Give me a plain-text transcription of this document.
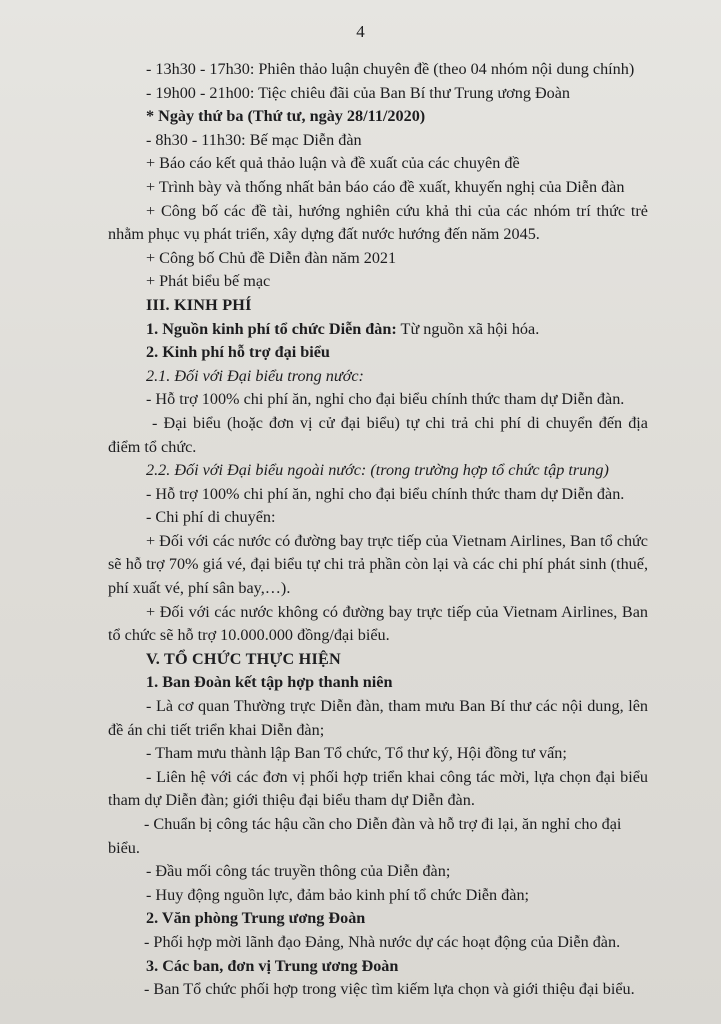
4

- 13h30 - 17h30: Phiên thảo luận chuyên đề (theo 04 nhóm nội dung chính)

- 19h00 - 21h00: Tiệc chiêu đãi của Ban Bí thư Trung ương Đoàn

* Ngày thứ ba (Thứ tư, ngày 28/11/2020)

- 8h30 - 11h30: Bế mạc Diễn đàn

+ Báo cáo kết quả thảo luận và đề xuất của các chuyên đề

+ Trình bày và thống nhất bản báo cáo đề xuất, khuyến nghị của Diễn đàn

+ Công bố các đề tài, hướng nghiên cứu khả thi của các nhóm trí thức trẻ nhằm phục vụ phát triển, xây dựng đất nước hướng đến năm 2045.

+ Công bố Chủ đề Diễn đàn năm 2021

+ Phát biểu bế mạc

III. KINH PHÍ

1. Nguồn kinh phí tổ chức Diễn đàn: Từ nguồn xã hội hóa.

2. Kinh phí hỗ trợ đại biểu

2.1. Đối với Đại biểu trong nước:

- Hỗ trợ 100% chi phí ăn, nghỉ cho đại biểu chính thức tham dự Diễn đàn.

- Đại biểu (hoặc đơn vị cử đại biểu) tự chi trả chi phí di chuyển đến địa điểm tổ chức.

2.2. Đối với Đại biểu ngoài nước: (trong trường hợp tổ chức tập trung)

- Hỗ trợ 100% chi phí ăn, nghỉ cho đại biểu chính thức tham dự Diễn đàn.

- Chi phí di chuyển:

+ Đối với các nước có đường bay trực tiếp của Vietnam Airlines, Ban tổ chức sẽ hỗ trợ 70% giá vé, đại biểu tự chi trả phần còn lại và các chi phí phát sinh (thuế, phí xuất vé, phí sân bay,…).

+ Đối với các nước không có đường bay trực tiếp của Vietnam Airlines, Ban tổ chức sẽ hỗ trợ 10.000.000 đồng/đại biểu.

V. TỔ CHỨC THỰC HIỆN

1. Ban Đoàn kết tập hợp thanh niên

- Là cơ quan Thường trực Diễn đàn, tham mưu Ban Bí thư các nội dung, lên đề án chi tiết triển khai Diễn đàn;

- Tham mưu thành lập Ban Tổ chức, Tổ thư ký, Hội đồng tư vấn;

- Liên hệ với các đơn vị phối hợp triển khai công tác mời, lựa chọn đại biểu tham dự Diễn đàn; giới thiệu đại biểu tham dự Diễn đàn.

- Chuẩn bị công tác hậu cần cho Diễn đàn và hỗ trợ đi lại, ăn nghỉ cho đại biểu.

- Đầu mối công tác truyền thông của Diễn đàn;

- Huy động nguồn lực, đảm bảo kinh phí tổ chức Diễn đàn;

2. Văn phòng Trung ương Đoàn

- Phối hợp mời lãnh đạo Đảng, Nhà nước dự các hoạt động của Diễn đàn.

3. Các ban, đơn vị Trung ương Đoàn

- Ban Tổ chức phối hợp trong việc tìm kiếm lựa chọn và giới thiệu đại biểu.
